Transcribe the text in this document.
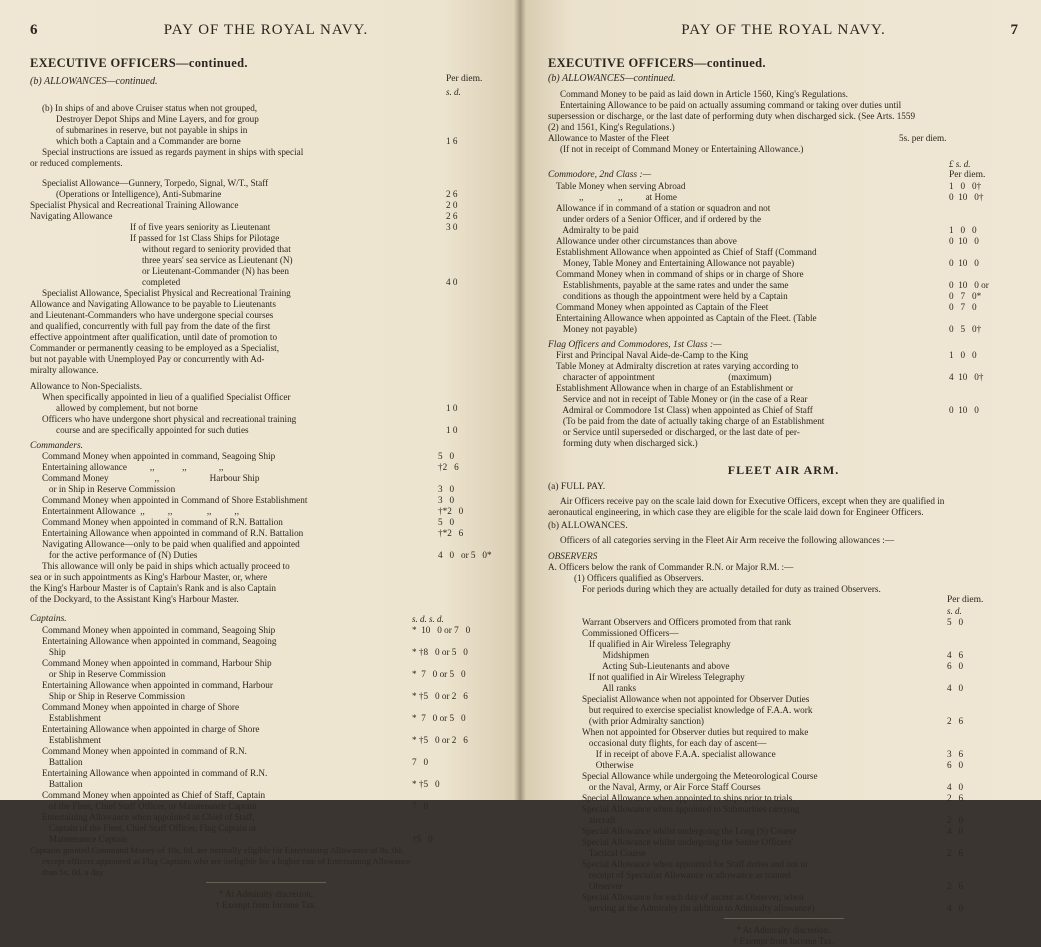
6	PAY OF THE ROYAL NAVY.
EXECUTIVE OFFICERS—continued.
(b) ALLOWANCES—continued.	Per diem.
s. d.
(b) In ships of and above Cruiser status when not grouped,
Destroyer Depot Ships and Mine Layers, and for group
of submarines in reserve, but not payable in ships in
which both a Captain and a Commander are borne	1 6
Special instructions are issued as regards payment in ships with special
or reduced complements.
Specialist Allowance—Gunnery, Torpedo, Signal, W/T., Staff
(Operations or Intelligence), Anti-Submarine	2 6
Specialist Physical and Recreational Training Allowance	2 0
Navigating Allowance	2 6
If of five years seniority as Lieutenant	3 0
If passed for 1st Class Ships for Pilotage
without regard to seniority provided that
three years' sea service as Lieutenant (N)
or Lieutenant-Commander (N) has been
completed	4 0
Specialist Allowance, Specialist Physical and Recreational Training
Allowance and Navigating Allowance to be payable to Lieutenants
and Lieutenant-Commanders who have undergone special courses
and qualified, concurrently with full pay from the date of the first
effective appointment after qualification, until date of promotion to
Commander or permanently ceasing to be employed as a Specialist,
but not payable with Unemployed Pay or concurrently with Ad-
miralty allowance.
Allowance to Non-Specialists.
When specifically appointed in lieu of a qualified Specialist Officer
allowed by complement, but not borne	1 0
Officers who have undergone short physical and recreational training
course and are specifically appointed for such duties	1 0
Commanders.
Command Money when appointed in command, Seagoing Ship	5   0
Entertaining allowance          ,,            ,,              ,,	†2   6
Command Money                    ,,                      Harbour Ship
or in Ship in Reserve Commission	3   0
Command Money when appointed in Command of Shore Establishment	3   0
Entertainment Allowance  ,,          ,,               ,,          ,,	†*2   0
Command Money when appointed in command of R.N. Battalion	5   0
Entertaining Allowance when appointed in command of R.N. Battalion	†*2   6
Navigating Allowance—only to be paid when qualified and appointed
for the active performance of (N) Duties	4   0   or 5   0*
This allowance will only be paid in ships which actually proceed to
sea or in such appointments as King's Harbour Master, or, where
the King's Harbour Master is of Captain's Rank and is also Captain
of the Dockyard, to the Assistant King's Harbour Master.
Captains.	s. d. s. d.
Command Money when appointed in command, Seagoing Ship	*  10   0 or 7   0
Entertaining Allowance when appointed in command, Seagoing
Ship	* †8   0 or 5   0
Command Money when appointed in command, Harbour Ship
or Ship in Reserve Commission	*  7   0 or 5   0
Entertaining Allowance when appointed in command, Harbour
Ship or Ship in Reserve Commission	* †5   0 or 2   6
Command Money when appointed in charge of Shore
Establishment	*  7   0 or 5   0
Entertaining Allowance when appointed in charge of Shore
Establishment	* †5   0 or 2   6
Command Money when appointed in command of R.N.
Battalion	7   0
Entertaining Allowance when appointed in command of R.N.
Battalion	* †5   0
Command Money when appointed as Chief of Staff, Captain
of the Fleet, Chief Staff Officer, or Maintenance Captain	7   0
Entertaining Allowance when appointed as Chief of Staff,
Captain of the Fleet, Chief Staff Officer, Flag Captain or
Maintenance Captain	†5   0
Captains granted Command Money of 10s. 0d. are normally eligible for Entertaining Allowance of 8s. 0d.
except officers appointed as Flag Captains who are ineligible for a higher rate of Entertaining Allowance
than 5s. 0d. a day.
* At Admiralty discretion.
† Exempt from Income Tax.
PAY OF THE ROYAL NAVY.	7
EXECUTIVE OFFICERS—continued.
(b) ALLOWANCES—continued.
Command Money to be paid as laid down in Article 1560, King's Regulations.
Entertaining Allowance to be paid on actually assuming command or taking over duties until
supersession or discharge, or the last date of performing duty when discharged sick. (See Arts. 1559
(2) and 1561, King's Regulations.)
Allowance to Master of the Fleet	5s. per diem.
(If not in receipt of Command Money or Entertaining Allowance.)
£ s. d.
Commodore, 2nd Class :—	Per diem.
Table Money when serving Abroad	1   0   0†
,,               ,,          at Home	0  10   0†
Allowance if in command of a station or squadron and not
under orders of a Senior Officer, and if ordered by the
Admiralty to be paid	1   0   0
Allowance under other circumstances than above	0  10   0
Establishment Allowance when appointed as Chief of Staff (Command
Money, Table Money and Entertaining Allowance not payable)	0  10   0
Command Money when in command of ships or in charge of Shore
Establishments, payable at the same rates and under the same	0  10   0 or
conditions as though the appointment were held by a Captain	0   7   0*
Command Money when appointed as Captain of the Fleet	0   7   0
Entertaining Allowance when appointed as Captain of the Fleet. (Table
Money not payable)	0   5   0†
Flag Officers and Commodores, 1st Class :—
First and Principal Naval Aide-de-Camp to the King	1   0   0
Table Money at Admiralty discretion at rates varying according to
character of appointment                                (maximum)	4  10   0†
Establishment Allowance when in charge of an Establishment or
Service and not in receipt of Table Money or (in the case of a Rear
Admiral or Commodore 1st Class) when appointed as Chief of Staff	0  10   0
(To be paid from the date of actually taking charge of an Establishment
or Service until superseded or discharged, or the last date of per-
forming duty when discharged sick.)
FLEET AIR ARM.
(a) FULL PAY.
Air Officers receive pay on the scale laid down for Executive Officers, except when they are qualified in
aeronautical engineering, in which case they are eligible for the scale laid down for Engineer Officers.
(b) ALLOWANCES.
Officers of all categories serving in the Fleet Air Arm receive the following allowances :—
OBSERVERS
A. Officers below the rank of Commander R.N. or Major R.M. :—
(1) Officers qualified as Observers.
For periods during which they are actually detailed for duty as trained Observers.
Per diem.
s. d.
Warrant Observers and Officers promoted from that rank	5   0
Commissioned Officers—
If qualified in Air Wireless Telegraphy
Midshipmen	4   6
Acting Sub-Lieutenants and above	6   0
If not qualified in Air Wireless Telegraphy
All ranks	4   0
Specialist Allowance when not appointed for Observer Duties
but required to exercise specialist knowledge of F.A.A. work
(with prior Admiralty sanction)	2   6
When not appointed for Observer duties but required to make
occasional duty flights, for each day of ascent—
If in receipt of above F.A.A. specialist allowance	3   6
Otherwise	6   0
Special Allowance while undergoing the Meteorological Course
or the Naval, Army, or Air Force Staff Courses	4   0
Special Allowance when appointed to ships prior to trials	2   6
Special Allowance when appointed to Submarines carrying
aircraft	2   0
Special Allowance whilst undergoing the Long (S) Course	4   0
Special Allowance whilst undergoing the Senior Officers'
Tactical Course	2   6
Special Allowance when appointed for Staff duties and not in
receipt of Specialist Allowance or allowance as trained
Observer	2   6
Special Allowance for each day of ascent as Observer, when
serving at the Admiralty (in addition to Admiralty allowance)	4   0
* At Admiralty discretion.
† Exempt from Income Tax.
